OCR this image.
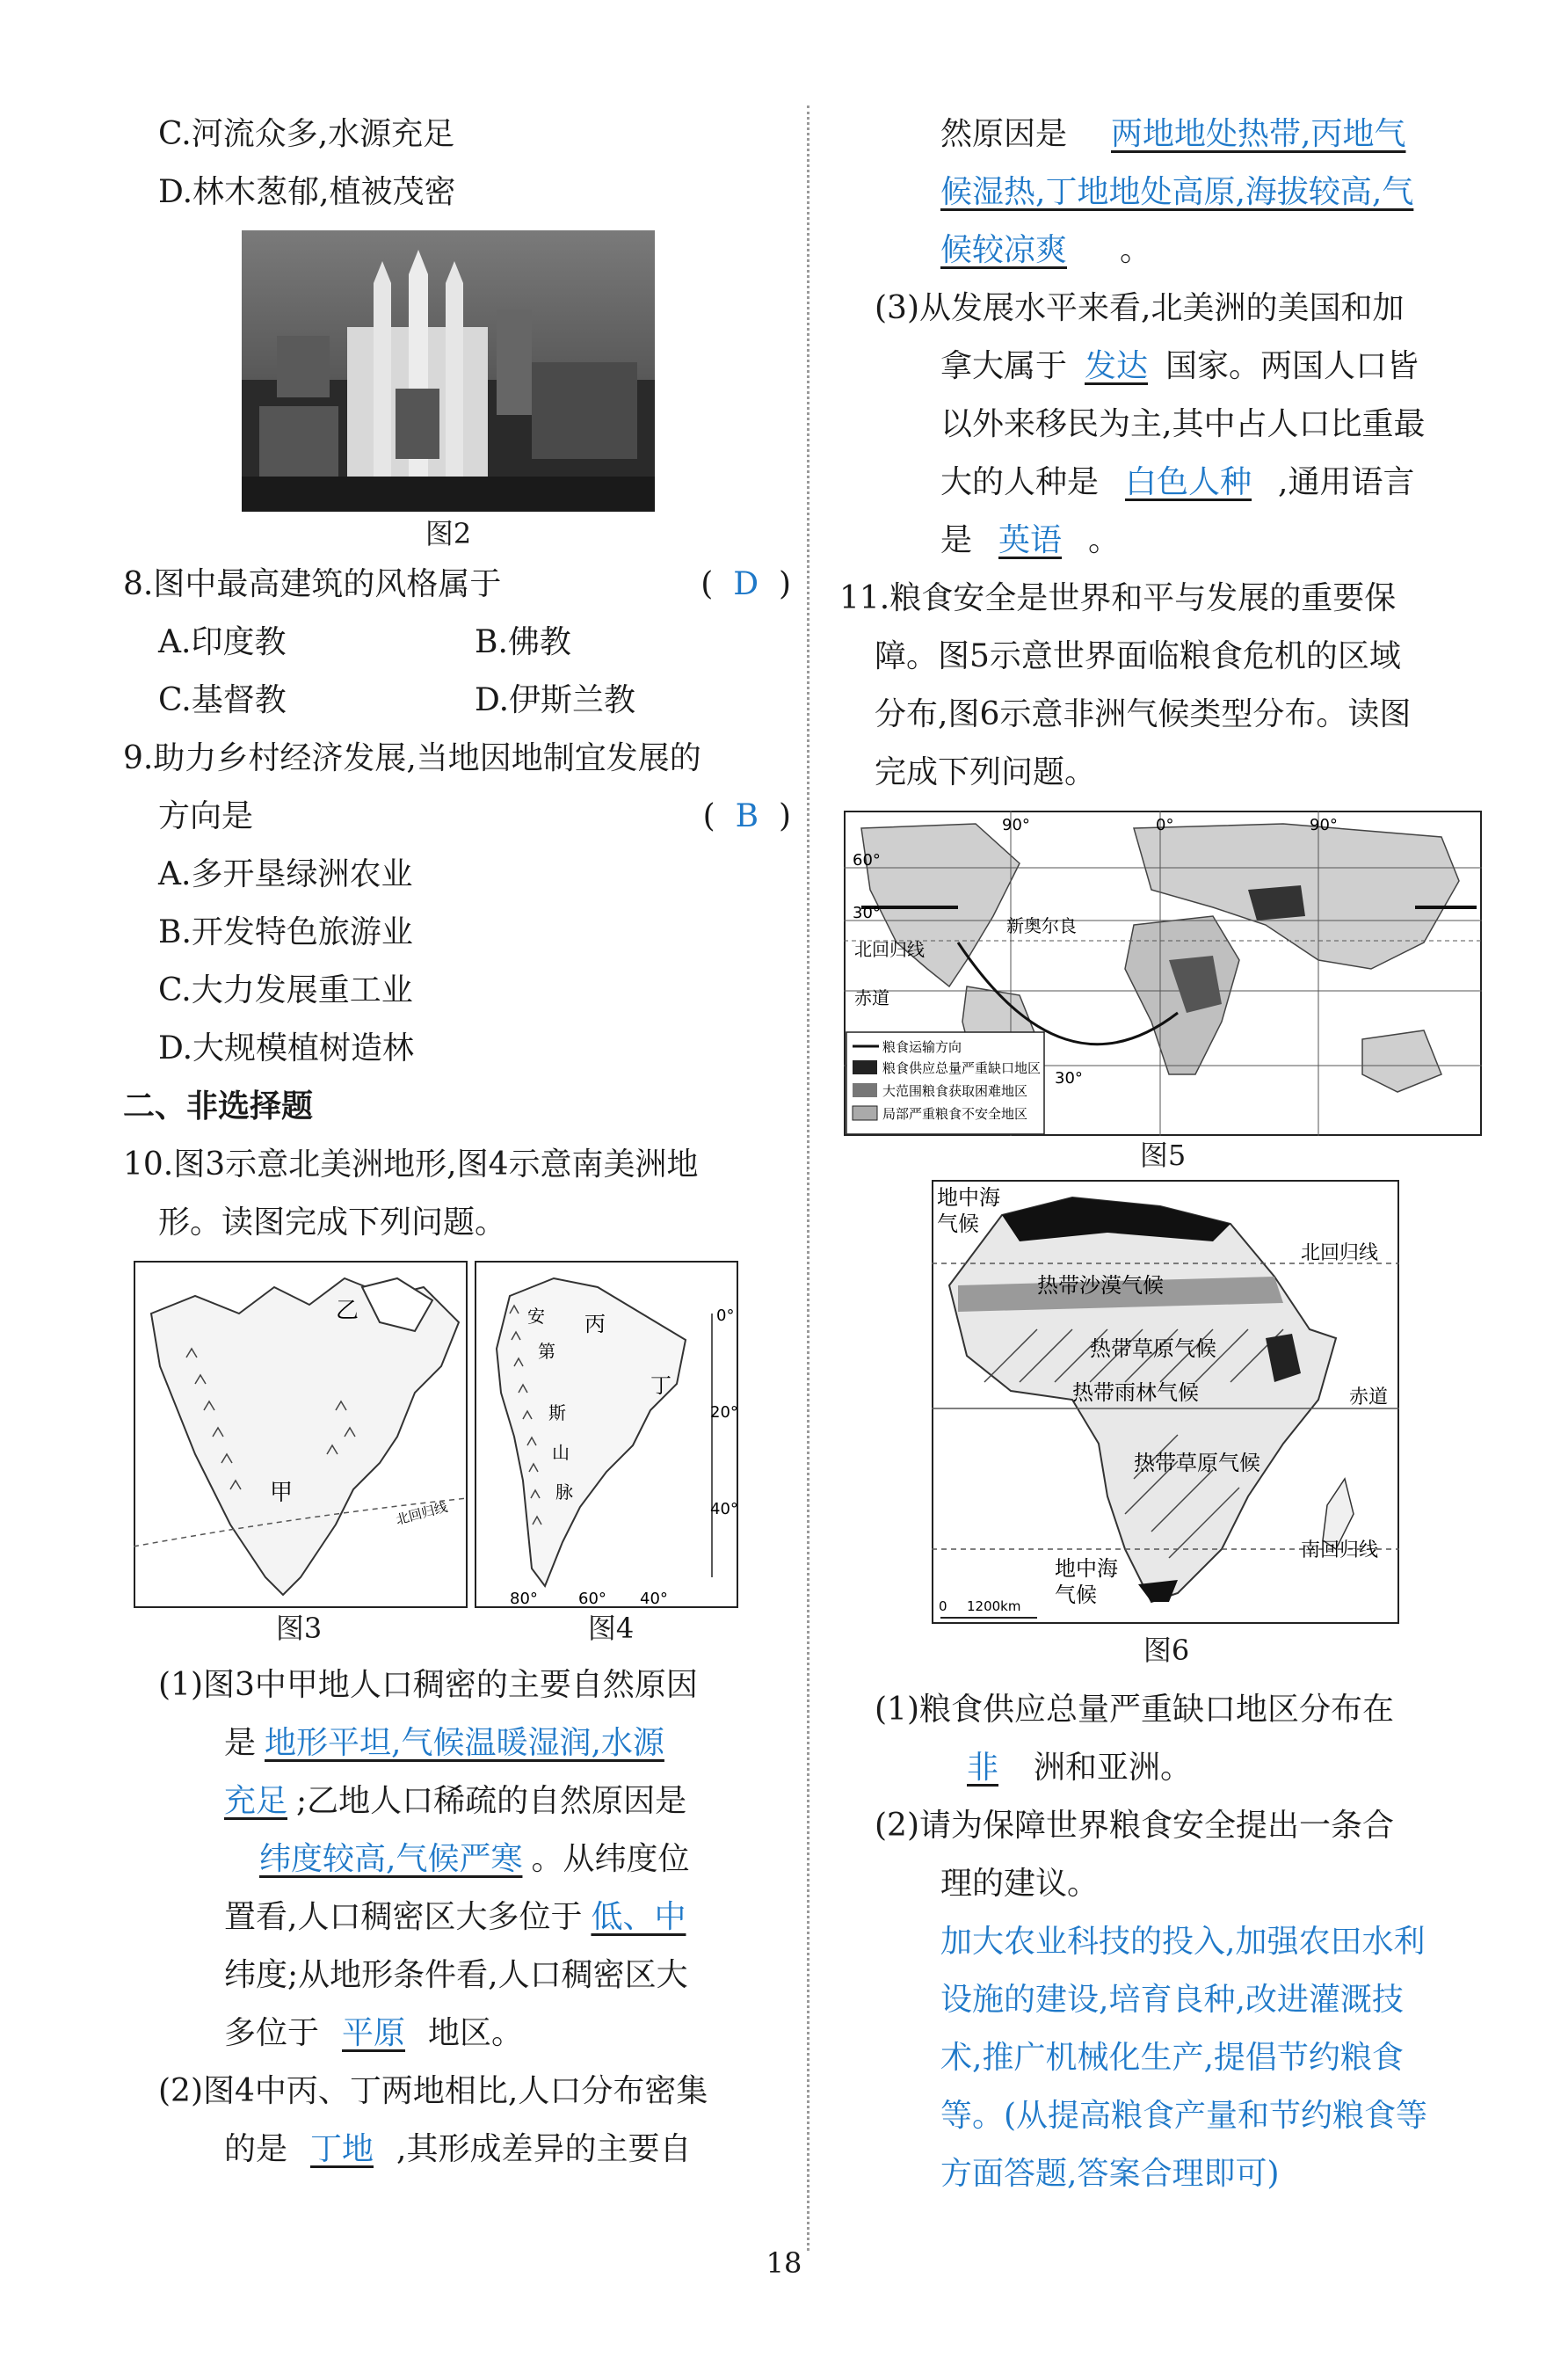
C.河流众多,水源充足
D.林木葱郁,植被茂密
图2
8.图中最高建筑的风格属于	(  D  )
A.印度教	B.佛教
C.基督教	D.伊斯兰教
9.助力乡村经济发展,当地因地制宜发展的
方向是	(  B  )
A.多开垦绿洲农业
B.开发特色旅游业
C.大力发展重工业
D.大规模植树造林
二、非选择题
10.图3示意北美洲地形,图4示意南美洲地
形。读图完成下列问题。
甲
乙
北回归线
0°
20°
40°
80°	60° 40°
丙
丁
安
第
斯
山
脉
图3	图4
(1)图3中甲地人口稠密的主要自然原因
是 地形平坦,气候温暖湿润,水源
充足 ;乙地人口稀疏的自然原因是
纬度较高,气候严寒 。从纬度位
置看,人口稠密区大多位于 低、中
纬度;从地形条件看,人口稠密区大
多位于 平原 地区。
(2)图4中丙、丁两地相比,人口分布密集
的是 丁地 ,其形成差异的主要自
然原因是 两地地处热带,丙地气
候湿热,丁地地处高原,海拔较高,气
候较凉爽 。
(3)从发展水平来看,北美洲的美国和加
拿大属于 发达 国家。两国人口皆
以外来移民为主,其中占人口比重最
大的人种是 白色人种 ,通用语言
是 英语 。
11.粮食安全是世界和平与发展的重要保
障。图5示意世界面临粮食危机的区域
分布,图6示意非洲气候类型分布。读图
完成下列问题。
90°	0°	90°
60°
30°
北回归线
赤道
新奥尔良
30°
粮食运输方向
粮食供应总量严重缺口地区
大范围粮食获取困难地区
局部严重粮食不安全地区
图5
地中海
气候
热带沙漠气候
热带草原气候
热带雨林气候
热带草原气候
地中海
气候
北回归线
赤道
南回归线
0 1200km
图6
(1)粮食供应总量严重缺口地区分布在
非 洲和亚洲。
(2)请为保障世界粮食安全提出一条合
理的建议。
加大农业科技的投入,加强农田水利
设施的建设,培育良种,改进灌溉技
术,推广机械化生产,提倡节约粮食
等。(从提高粮食产量和节约粮食等
方面答题,答案合理即可)
18
